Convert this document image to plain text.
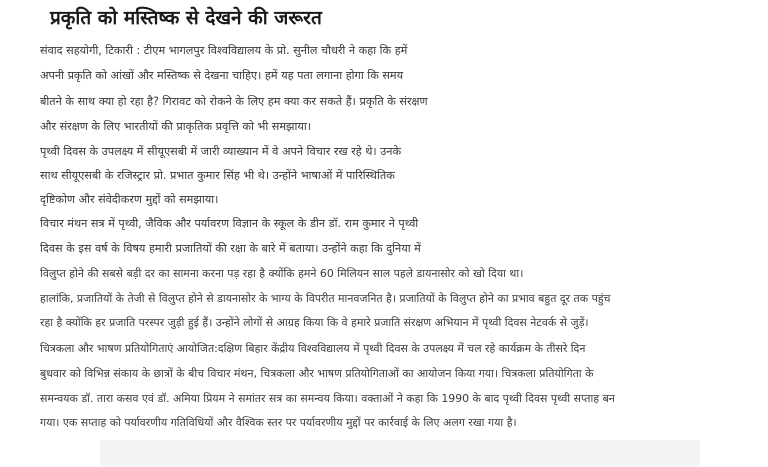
प्रकृति को मस्तिष्क से देखने की जरूरत
संवाद सहयोगी, टिकारी : टीएम भागलपुर विश्वविद्यालय के प्रो. सुनील चौधरी ने कहा कि हमें
अपनी प्रकृति को आंखों और मस्तिष्क से देखना चाहिए। हमें यह पता लगाना होगा कि समय
बीतने के साथ क्या हो रहा है? गिरावट को रोकने के लिए हम क्या कर सकते हैं। प्रकृति के संरक्षण
और संरक्षण के लिए भारतीयों की प्राकृतिक प्रवृत्ति को भी समझाया।
पृथ्वी दिवस के उपलक्ष्य में सीयूएसबी में जारी व्याख्यान में वे अपने विचार रख रहे थे। उनके
साथ सीयूएसबी के रजिस्ट्रार प्रो. प्रभात कुमार सिंह भी थे। उन्होंने भाषाओं में पारिस्थितिक
दृष्टिकोण और संवेदीकरण मुद्दों को समझाया।
विचार मंथन सत्र में पृथ्वी, जैविक और पर्यावरण विज्ञान के स्कूल के डीन डॉ. राम कुमार ने पृथ्वी
दिवस के इस वर्ष के विषय हमारी प्रजातियों की रक्षा के बारे में बताया। उन्होंने कहा कि दुनिया में
विलुप्त होने की सबसे बड़ी दर का सामना करना पड़ रहा है क्योंकि हमने 60 मिलियन साल पहले डायनासोर को खो दिया था।
हालांकि, प्रजातियों के तेजी से विलुप्त होने से डायनासोर के भाग्य के विपरीत मानवजनित है। प्रजातियों के विलुप्त होने का प्रभाव बहुत दूर तक पहुंच
रहा है क्योंकि हर प्रजाति परस्पर जुड़ी हुई हैं। उन्होंने लोगों से आग्रह किया कि वे हमारे प्रजाति संरक्षण अभियान में पृथ्वी दिवस नेटवर्क से जुड़ें।
चित्रकला और भाषण प्रतियोगिताएं आयोजित:दक्षिण बिहार केंद्रीय विश्वविद्यालय में पृथ्वी दिवस के उपलक्ष्य में चल रहे कार्यक्रम के तीसरे दिन
बुधवार को विभिन्न संकाय के छात्रों के बीच विचार मंथन, चित्रकला और भाषण प्रतियोगिताओं का आयोजन किया गया। चित्रकला प्रतियोगिता के
समन्वयक डॉ. तारा कसव एवं डॉ. अमिया प्रियम ने समांतर सत्र का समन्वय किया। वक्ताओं ने कहा कि 1990 के बाद पृथ्वी दिवस पृथ्वी सप्ताह बन
गया। एक सप्ताह को पर्यावरणीय गतिविधियों और वैश्विक स्तर पर पर्यावरणीय मुद्दों पर कार्रवाई के लिए अलग रखा गया है।
